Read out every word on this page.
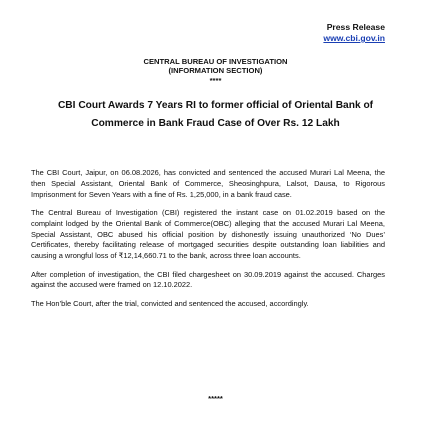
Press Release
www.cbi.gov.in
CENTRAL BUREAU OF INVESTIGATION
(INFORMATION SECTION)
****
CBI Court Awards 7 Years RI to former official of Oriental Bank of
Commerce in Bank Fraud Case of Over Rs. 12 Lakh

The CBI Court, Jaipur, on 06.08.2026, has convicted and sentenced the accused Murari Lal Meena, the then Special Assistant, Oriental Bank of Commerce, Sheosinghpura, Lalsot, Dausa, to Rigorous Imprisonment for Seven Years with a fine of Rs. 1,25,000, in a bank fraud case.

The Central Bureau of Investigation (CBI) registered the instant case on 01.02.2019 based on the complaint lodged by the Oriental Bank of Commerce(OBC) alleging that the accused Murari Lal Meena, Special Assistant, OBC abused his official position by dishonestly issuing unauthorized ‘No Dues’ Certificates, thereby facilitating release of mortgaged securities despite outstanding loan liabilities and causing a wrongful loss of ₹12,14,660.71 to the bank, across three loan accounts.

After completion of investigation, the CBI filed chargesheet on 30.09.2019 against the accused. Charges against the accused were framed on 12.10.2022.

The Hon’ble Court, after the trial, convicted and sentenced the accused, accordingly.

*****
